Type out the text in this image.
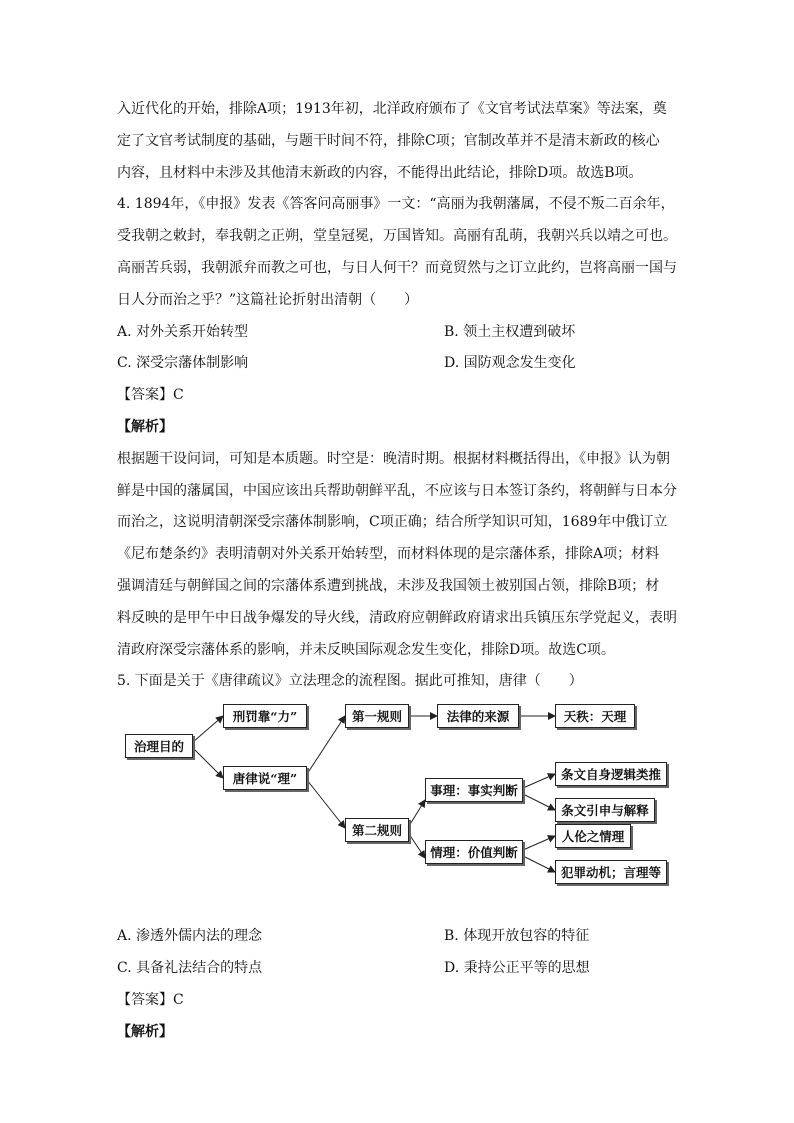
入近代化的开始，排除A项；1913年初，北洋政府颁布了《文官考试法草案》等法案，奠
定了文官考试制度的基础，与题干时间不符，排除C项；官制改革并不是清末新政的核心
内容，且材料中未涉及其他清末新政的内容，不能得出此结论，排除D项。故选B项。
4. 1894年，《申报》发表《答客问高丽事》一文：“高丽为我朝藩属，不侵不叛二百余年，
受我朝之敕封，奉我朝之正朔，堂皇冠冕，万国皆知。高丽有乱萌，我朝兴兵以靖之可也。
高丽苦兵弱，我朝派弁而教之可也，与日人何干？而竟贸然与之订立此约，岂将高丽一国与
日人分而治之乎？”这篇社论折射出清朝（　　）
A. 对外关系开始转型	B. 领土主权遭到破坏
C. 深受宗藩体制影响	D. 国防观念发生变化
【答案】C
【解析】
根据题干设问词，可知是本质题。时空是：晚清时期。根据材料概括得出，《申报》认为朝
鲜是中国的藩属国，中国应该出兵帮助朝鲜平乱，不应该与日本签订条约，将朝鲜与日本分
而治之，这说明清朝深受宗藩体制影响，C项正确；结合所学知识可知，1689年中俄订立
《尼布楚条约》表明清朝对外关系开始转型，而材料体现的是宗藩体系，排除A项；材料
强调清廷与朝鲜国之间的宗藩体系遭到挑战，未涉及我国领土被别国占领，排除B项；材
料反映的是甲午中日战争爆发的导火线，清政府应朝鲜政府请求出兵镇压东学党起义，表明
清政府深受宗藩体系的影响，并未反映国际观念发生变化，排除D项。故选C项。
5. 下面是关于《唐律疏议》立法理念的流程图。据此可推知，唐律（　　）
治理目的
刑罚靠“力”
唐律说“理”
第一规则	法律的来源	天秩：天理
第二规则
事理：事实判断
条文自身逻辑类推
条文引申与解释
情理：价值判断
人伦之情理
犯罪动机；言理等
A. 渗透外儒内法的理念	B. 体现开放包容的特征
C. 具备礼法结合的特点	D. 秉持公正平等的思想
【答案】C
【解析】
